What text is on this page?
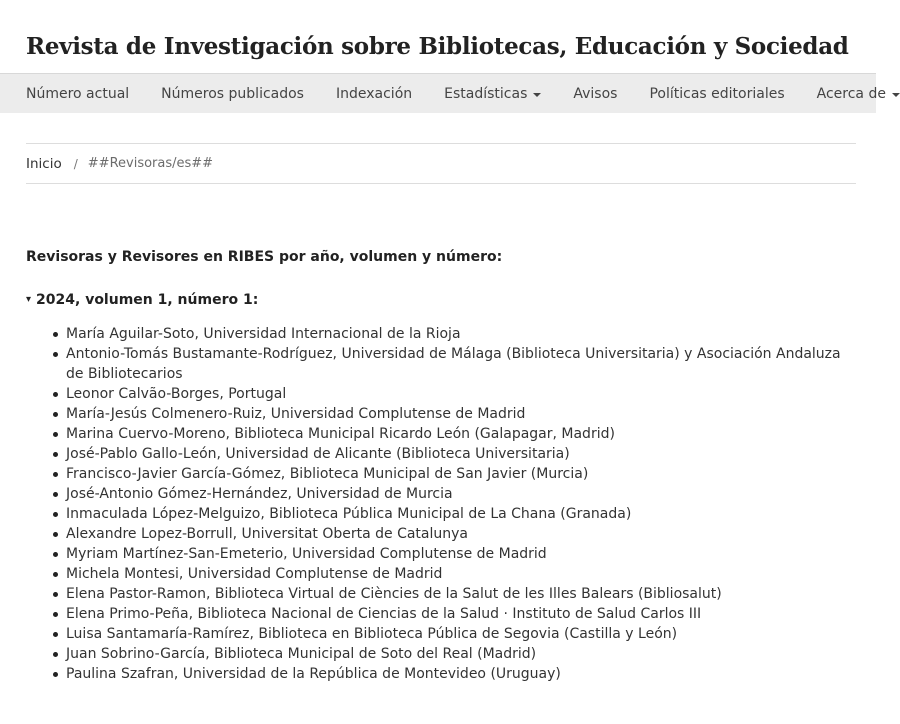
Revista de Investigación sobre Bibliotecas, Educación y Sociedad
Número actual Números publicados Indexación Estadísticas	Avisos Políticas editoriales Acerca de
Inicio / ##Revisoras/es##

Revisoras y Revisores en RIBES por año, volumen y número:

▾ 2024, volumen 1, número 1:
María Aguilar-Soto, Universidad Internacional de la Rioja
Antonio-Tomás Bustamante-Rodríguez, Universidad de Málaga (Biblioteca Universitaria) y Asociación Andaluza de Bibliotecarios
Leonor Calvão-Borges, Portugal
María-Jesús Colmenero-Ruiz, Universidad Complutense de Madrid
Marina Cuervo-Moreno, Biblioteca Municipal Ricardo León (Galapagar, Madrid)
José-Pablo Gallo-León, Universidad de Alicante (Biblioteca Universitaria)
Francisco-Javier García-Gómez, Biblioteca Municipal de San Javier (Murcia)
José-Antonio Gómez-Hernández, Universidad de Murcia
Inmaculada López-Melguizo, Biblioteca Pública Municipal de La Chana (Granada)
Alexandre Lopez-Borrull, Universitat Oberta de Catalunya
Myriam Martínez-San-Emeterio, Universidad Complutense de Madrid
Michela Montesi, Universidad Complutense de Madrid
Elena Pastor-Ramon, Biblioteca Virtual de Ciències de la Salut de les Illes Balears (Bibliosalut)
Elena Primo-Peña, Biblioteca Nacional de Ciencias de la Salud · Instituto de Salud Carlos III
Luisa Santamaría-Ramírez, Biblioteca en Biblioteca Pública de Segovia (Castilla y León)
Juan Sobrino-García, Biblioteca Municipal de Soto del Real (Madrid)
Paulina Szafran, Universidad de la República de Montevideo (Uruguay)
